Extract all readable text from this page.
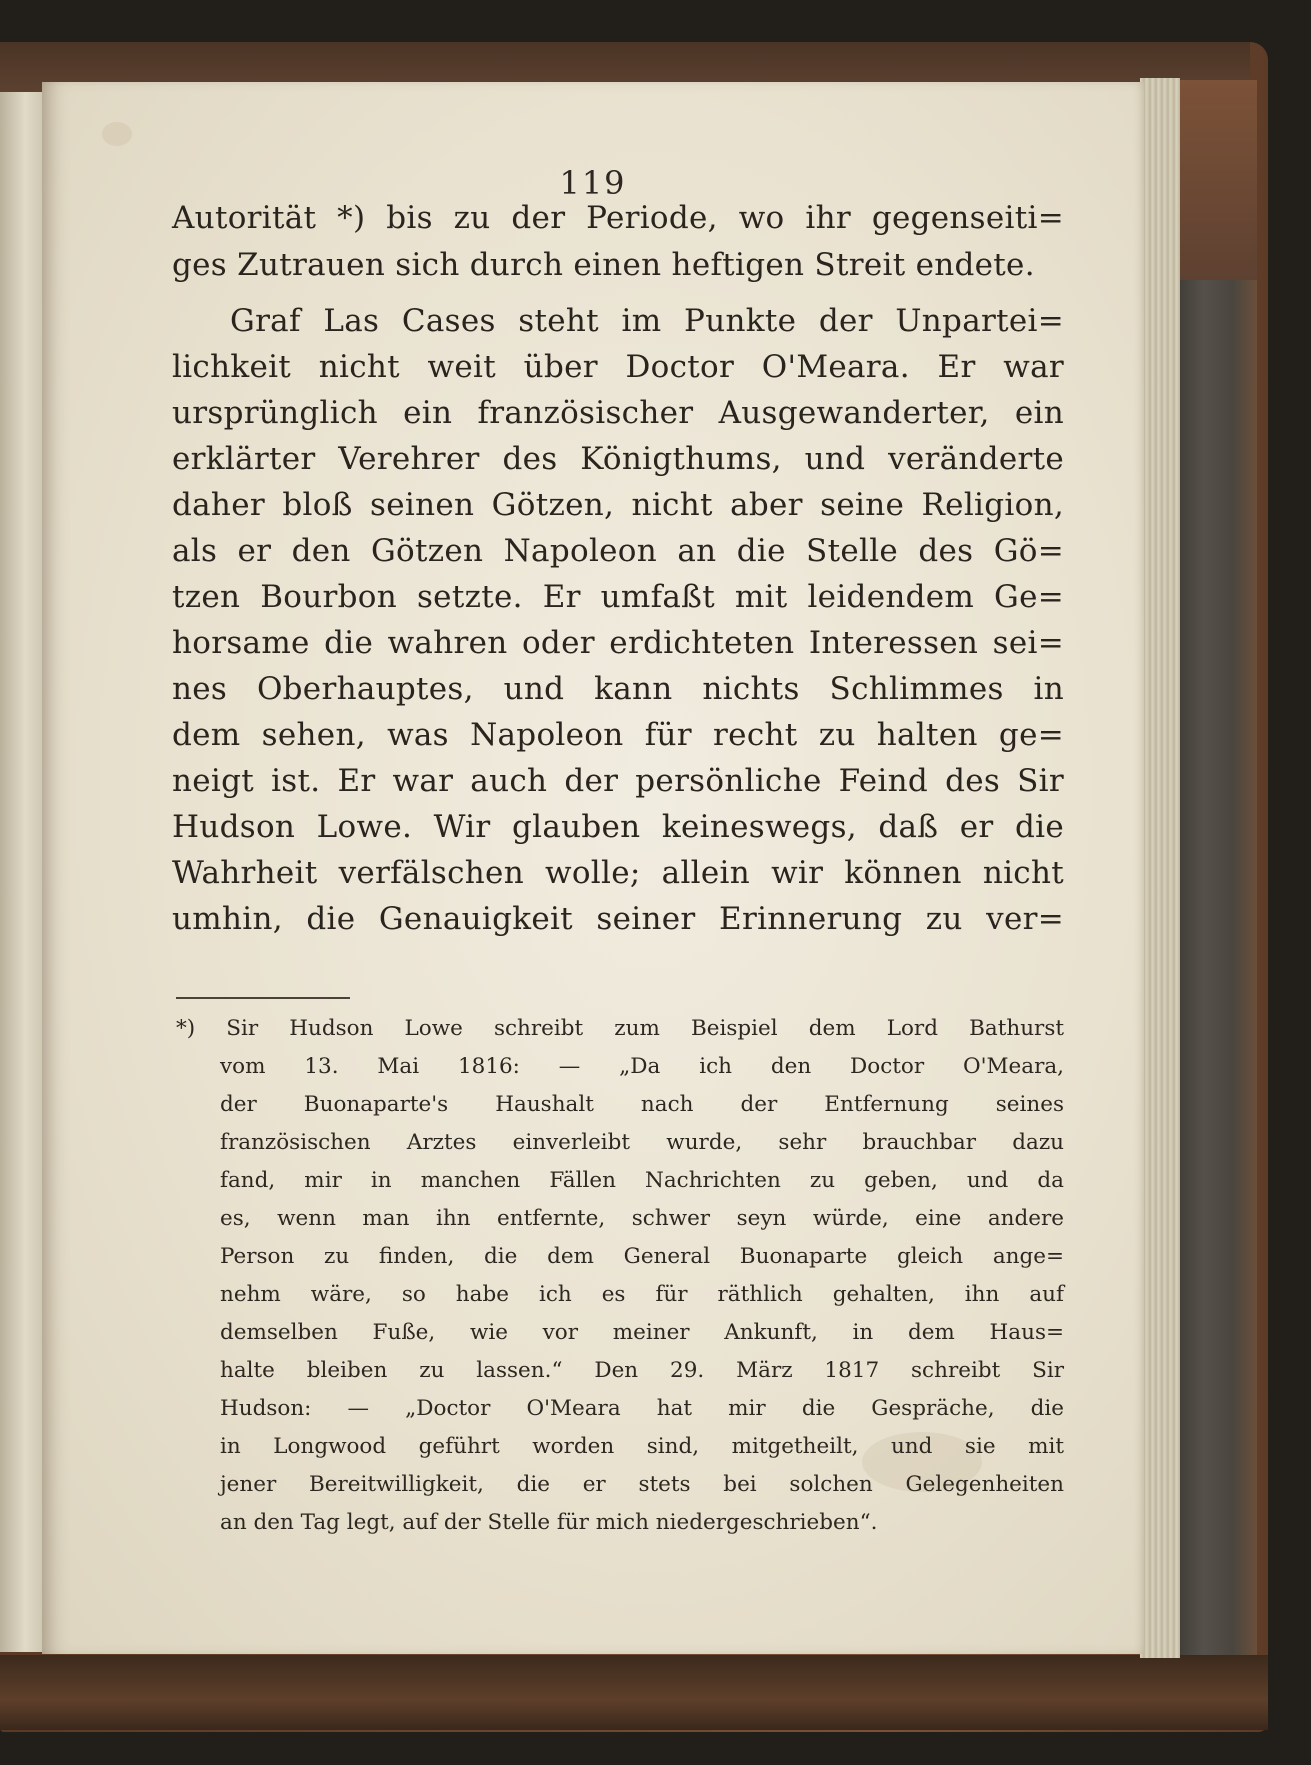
119
Autorität *) bis zu der Periode, wo ihr gegenseiti=
ges Zutrauen sich durch einen heftigen Streit endete.
Graf Las Cases steht im Punkte der Unpartei=
lichkeit nicht weit über Doctor O'Meara. Er war
ursprünglich ein französischer Ausgewanderter, ein
erklärter Verehrer des Königthums, und veränderte
daher bloß seinen Götzen, nicht aber seine Religion,
als er den Götzen Napoleon an die Stelle des Gö=
tzen Bourbon setzte. Er umfaßt mit leidendem Ge=
horsame die wahren oder erdichteten Interessen sei=
nes Oberhauptes, und kann nichts Schlimmes in
dem sehen, was Napoleon für recht zu halten ge=
neigt ist. Er war auch der persönliche Feind des Sir
Hudson Lowe. Wir glauben keineswegs, daß er die
Wahrheit verfälschen wolle; allein wir können nicht
umhin, die Genauigkeit seiner Erinnerung zu ver=
*) Sir Hudson Lowe schreibt zum Beispiel dem Lord Bathurst
vom 13. Mai 1816: — „Da ich den Doctor O'Meara,
der Buonaparte's Haushalt nach der Entfernung seines
französischen Arztes einverleibt wurde, sehr brauchbar dazu
fand, mir in manchen Fällen Nachrichten zu geben, und da
es, wenn man ihn entfernte, schwer seyn würde, eine andere
Person zu finden, die dem General Buonaparte gleich ange=
nehm wäre, so habe ich es für räthlich gehalten, ihn auf
demselben Fuße, wie vor meiner Ankunft, in dem Haus=
halte bleiben zu lassen.“ Den 29. März 1817 schreibt Sir
Hudson: — „Doctor O'Meara hat mir die Gespräche, die
in Longwood geführt worden sind, mitgetheilt, und sie mit
jener Bereitwilligkeit, die er stets bei solchen Gelegenheiten
an den Tag legt, auf der Stelle für mich niedergeschrieben“.
